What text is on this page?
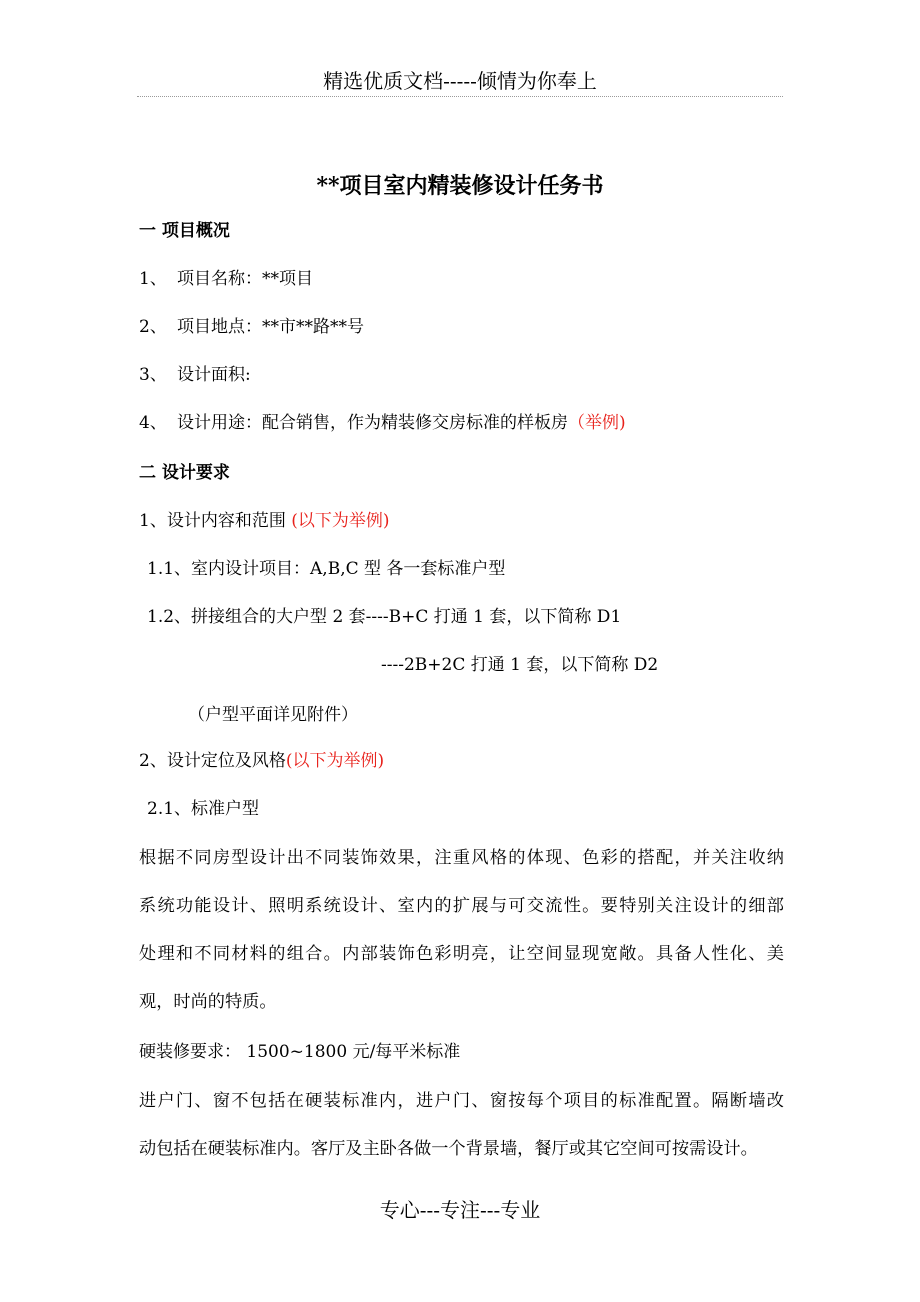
精选优质文档-----倾情为你奉上
**项目室内精装修设计任务书
一 项目概况
1、 项目名称：**项目
2、 项目地点：**市**路**号
3、 设计面积:
4、 设计用途：配合销售，作为精装修交房标准的样板房（举例)
二 设计要求
1、设计内容和范围 (以下为举例)
1.1、室内设计项目：A,B,C 型 各一套标准户型
1.2、拼接组合的大户型 2 套----B+C 打通 1 套，以下简称 D1
----2B+2C 打通 1 套，以下简称 D2
（户型平面详见附件）
2、设计定位及风格(以下为举例)
2.1、标准户型
根据不同房型设计出不同装饰效果，注重风格的体现、色彩的搭配，并关注收纳
系统功能设计、照明系统设计、室内的扩展与可交流性。要特别关注设计的细部
处理和不同材料的组合。内部装饰色彩明亮，让空间显现宽敞。具备人性化、美
观，时尚的特质。
硬装修要求： 1500~1800 元/每平米标准
进户门、窗不包括在硬装标准内，进户门、窗按每个项目的标准配置。隔断墙改
动包括在硬装标准内。客厅及主卧各做一个背景墙，餐厅或其它空间可按需设计。
专心---专注---专业
